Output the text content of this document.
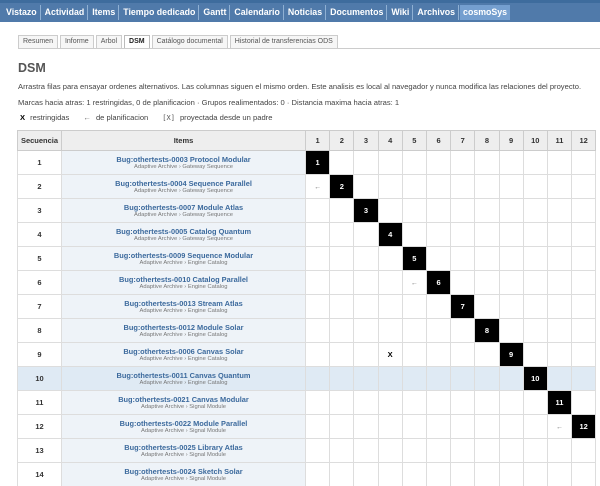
Vistazo Actividad Items Tiempo dedicado Gantt Calendario Noticias Documentos Wiki Archivos cosmoSys
Resumen	Informe	Arbol	DSM	Catálogo documental	Historial de transferencias ODS
DSM
Arrastra filas para ensayar ordenes alternativos. Las columnas siguen el mismo orden. Este analisis es local al navegador y nunca modifica las relaciones del proyecto.
Marcas hacia atras: 1 restringidas, 0 de planificacion · Grupos realimentados: 0 · Distancia maxima hacia atras: 1
X restringidas ← de planificacion [X] proyectada desde un padre
Secuencia	Items	1	2	3	4	5	6	7	8	9	10	11	12
1	Bug:othertests-0003 Protocol Modular
Adaptive Archive › Gateway Sequence	1											
2	Bug:othertests-0004 Sequence Parallel
Adaptive Archive › Gateway Sequence	←	2										
3	Bug:othertests-0007 Module Atlas
Adaptive Archive › Gateway Sequence			3									
4	Bug:othertests-0005 Catalog Quantum
Adaptive Archive › Gateway Sequence				4								
5	Bug:othertests-0009 Sequence Modular
Adaptive Archive › Engine Catalog					5							
6	Bug:othertests-0010 Catalog Parallel
Adaptive Archive › Engine Catalog					←	6						
7	Bug:othertests-0013 Stream Atlas
Adaptive Archive › Engine Catalog							7					
8	Bug:othertests-0012 Module Solar
Adaptive Archive › Engine Catalog								8				
9	Bug:othertests-0006 Canvas Solar
Adaptive Archive › Engine Catalog				X					9			
10	Bug:othertests-0011 Canvas Quantum
Adaptive Archive › Engine Catalog										10		
11	Bug:othertests-0021 Canvas Modular
Adaptive Archive › Signal Module											11	
12	Bug:othertests-0022 Module Parallel
Adaptive Archive › Signal Module											←	12
13	Bug:othertests-0025 Library Atlas
Adaptive Archive › Signal Module												

14	Bug:othertests-0024 Sketch Solar
Adaptive Archive › Signal Module												
